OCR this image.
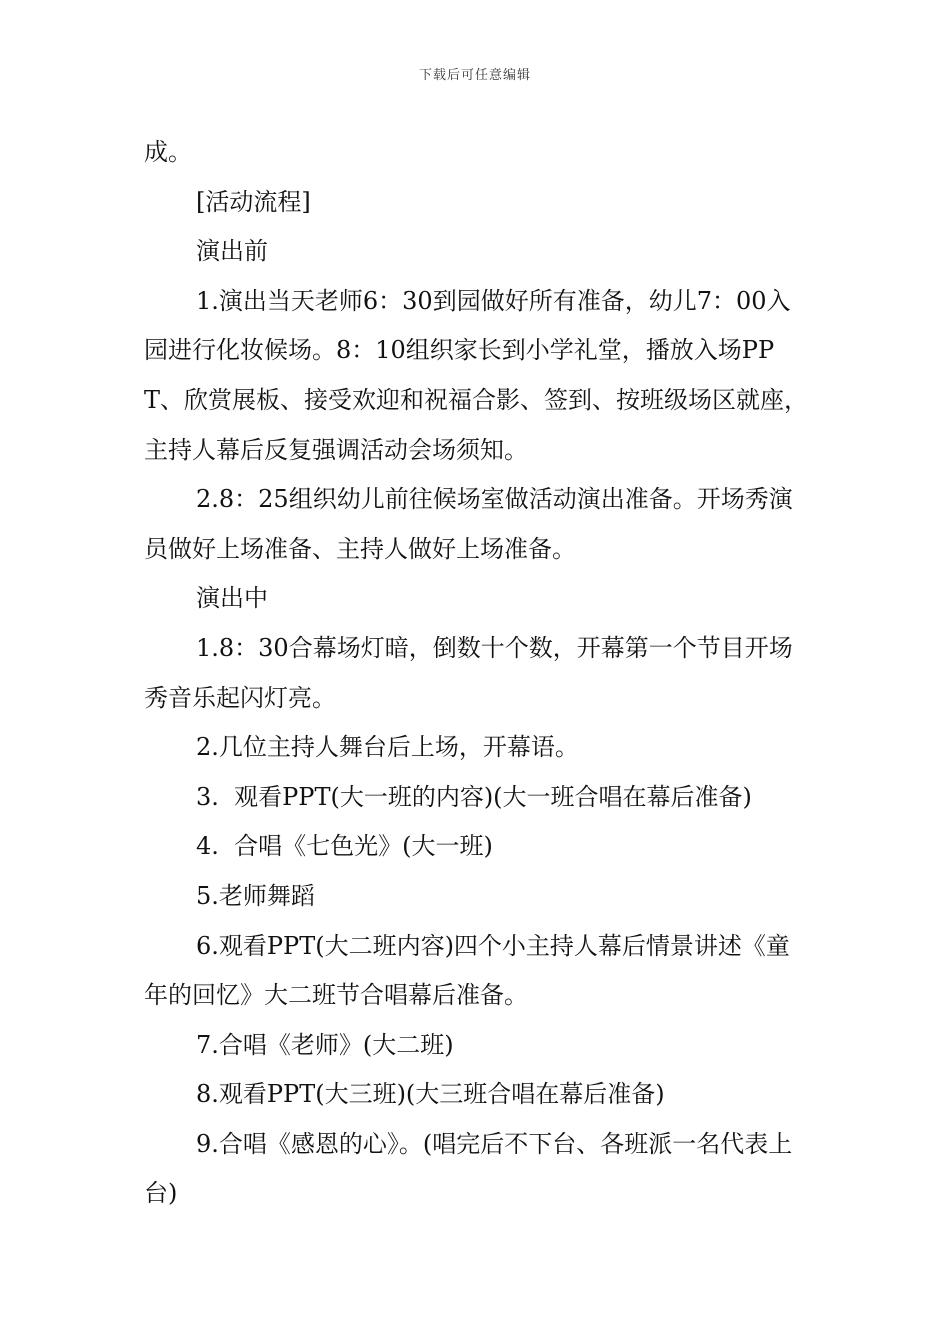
下载后可任意编辑

成。

[活动流程]

演出前

1.演出当天老师6：30到园做好所有准备，幼儿7：00入园进行化妆候场。8：10组织家长到小学礼堂，播放入场PPT、欣赏展板、接受欢迎和祝福合影、签到、按班级场区就座，主持人幕后反复强调活动会场须知。

2.8：25组织幼儿前往候场室做活动演出准备。开场秀演员做好上场准备、主持人做好上场准备。

演出中

1.8：30合幕场灯暗，倒数十个数，开幕第一个节目开场秀音乐起闪灯亮。

2.几位主持人舞台后上场，开幕语。

3.  观看PPT(大一班的内容)(大一班合唱在幕后准备)

4.  合唱《七色光》(大一班)

5.老师舞蹈

6.观看PPT(大二班内容)四个小主持人幕后情景讲述《童年的回忆》大二班节合唱幕后准备。

7.合唱《老师》(大二班)

8.观看PPT(大三班)(大三班合唱在幕后准备)

9.合唱《感恩的心》。(唱完后不下台、各班派一名代表上台)
